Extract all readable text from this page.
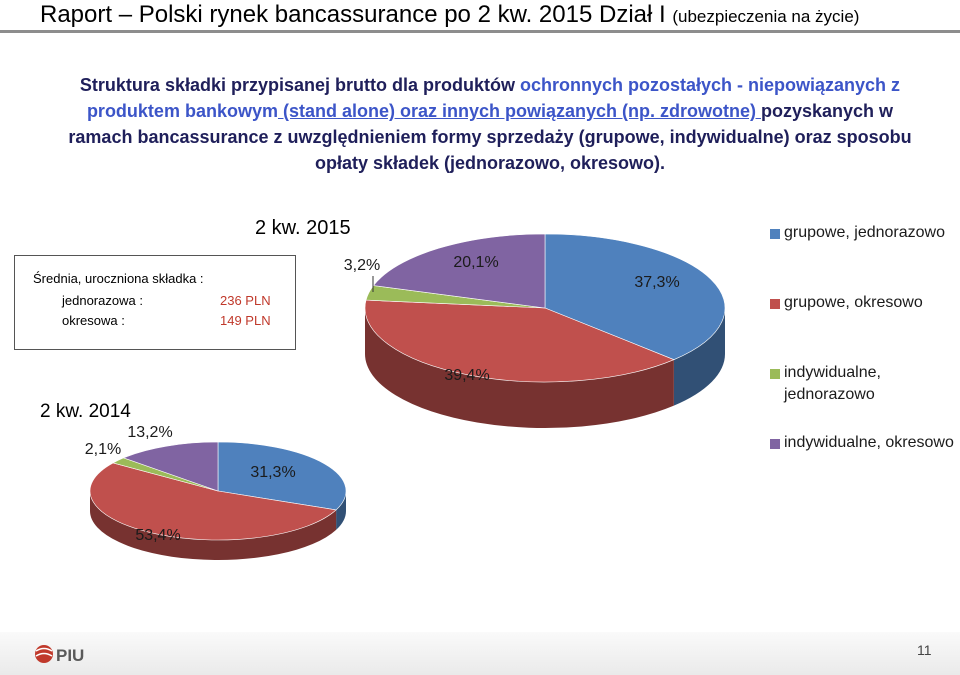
Raport – Polski rynek bancassurance po 2 kw. 2015 Dział I (ubezpieczenia na życie)
Struktura składki przypisanej brutto dla produktów ochronnych pozostałych - niepowiązanych z produktem bankowym (stand alone) oraz innych powiązanych (np. zdrowotne) pozyskanych w ramach bancassurance z uwzględnieniem formy sprzedaży (grupowe, indywidualne) oraz sposobu opłaty składek (jednorazowo, okresowo).
Średnia, uroczniona składka :
jednorazowa :	236 PLN
okresowa :	149 PLN
2 kw. 2015
2 kw. 2014
37,3%
39,4%
3,2%	20,1%
31,3%
53,4%
2,1%
13,2%
grupowe, jednorazowo
grupowe, okresowo
indywidualne, jednorazowo
indywidualne, okresowo
PIU	11
